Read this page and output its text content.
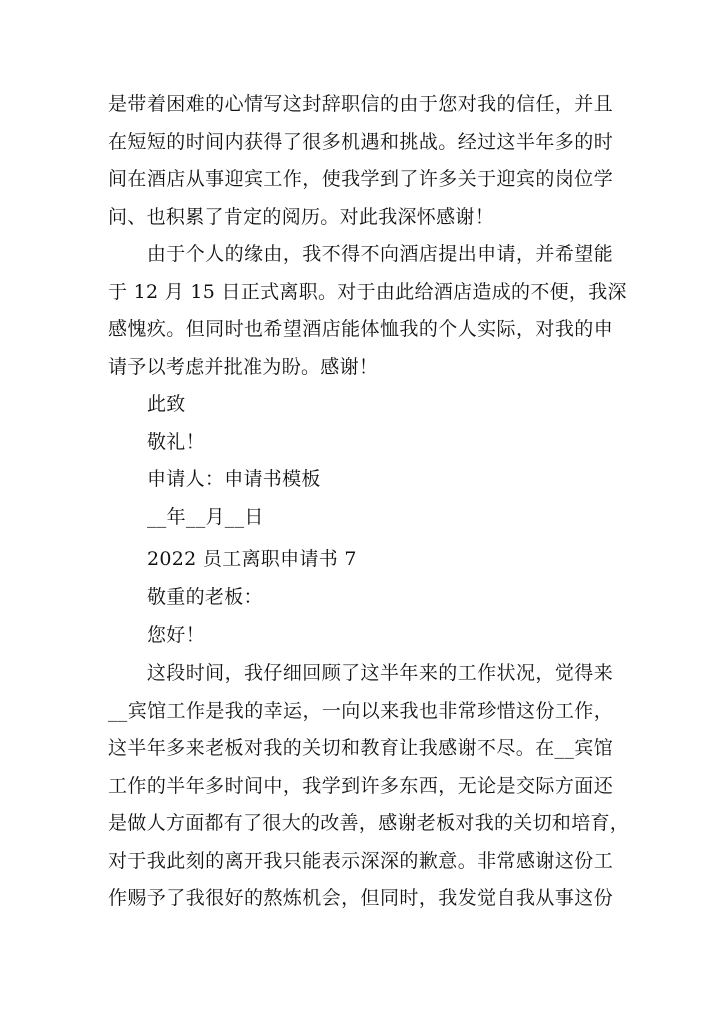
是带着困难的心情写这封辞职信的由于您对我的信任，并且
在短短的时间内获得了很多机遇和挑战。经过这半年多的时
间在酒店从事迎宾工作，使我学到了许多关于迎宾的岗位学
问、也积累了肯定的阅历。对此我深怀感谢！
　　由于个人的缘由，我不得不向酒店提出申请，并希望能
于 12 月 15 日正式离职。对于由此给酒店造成的不便，我深
感愧疚。但同时也希望酒店能体恤我的个人实际，对我的申
请予以考虑并批准为盼。感谢！
此致
敬礼！
申请人：申请书模板
__年__月__日
2022 员工离职申请书 7
敬重的老板：
您好！
　　这段时间，我仔细回顾了这半年来的工作状况，觉得来
__宾馆工作是我的幸运，一向以来我也非常珍惜这份工作，
这半年多来老板对我的关切和教育让我感谢不尽。在__宾馆
工作的半年多时间中，我学到许多东西，无论是交际方面还
是做人方面都有了很大的改善，感谢老板对我的关切和培育，
对于我此刻的离开我只能表示深深的歉意。非常感谢这份工
作赐予了我很好的熬炼机会，但同时，我发觉自我从事这份
